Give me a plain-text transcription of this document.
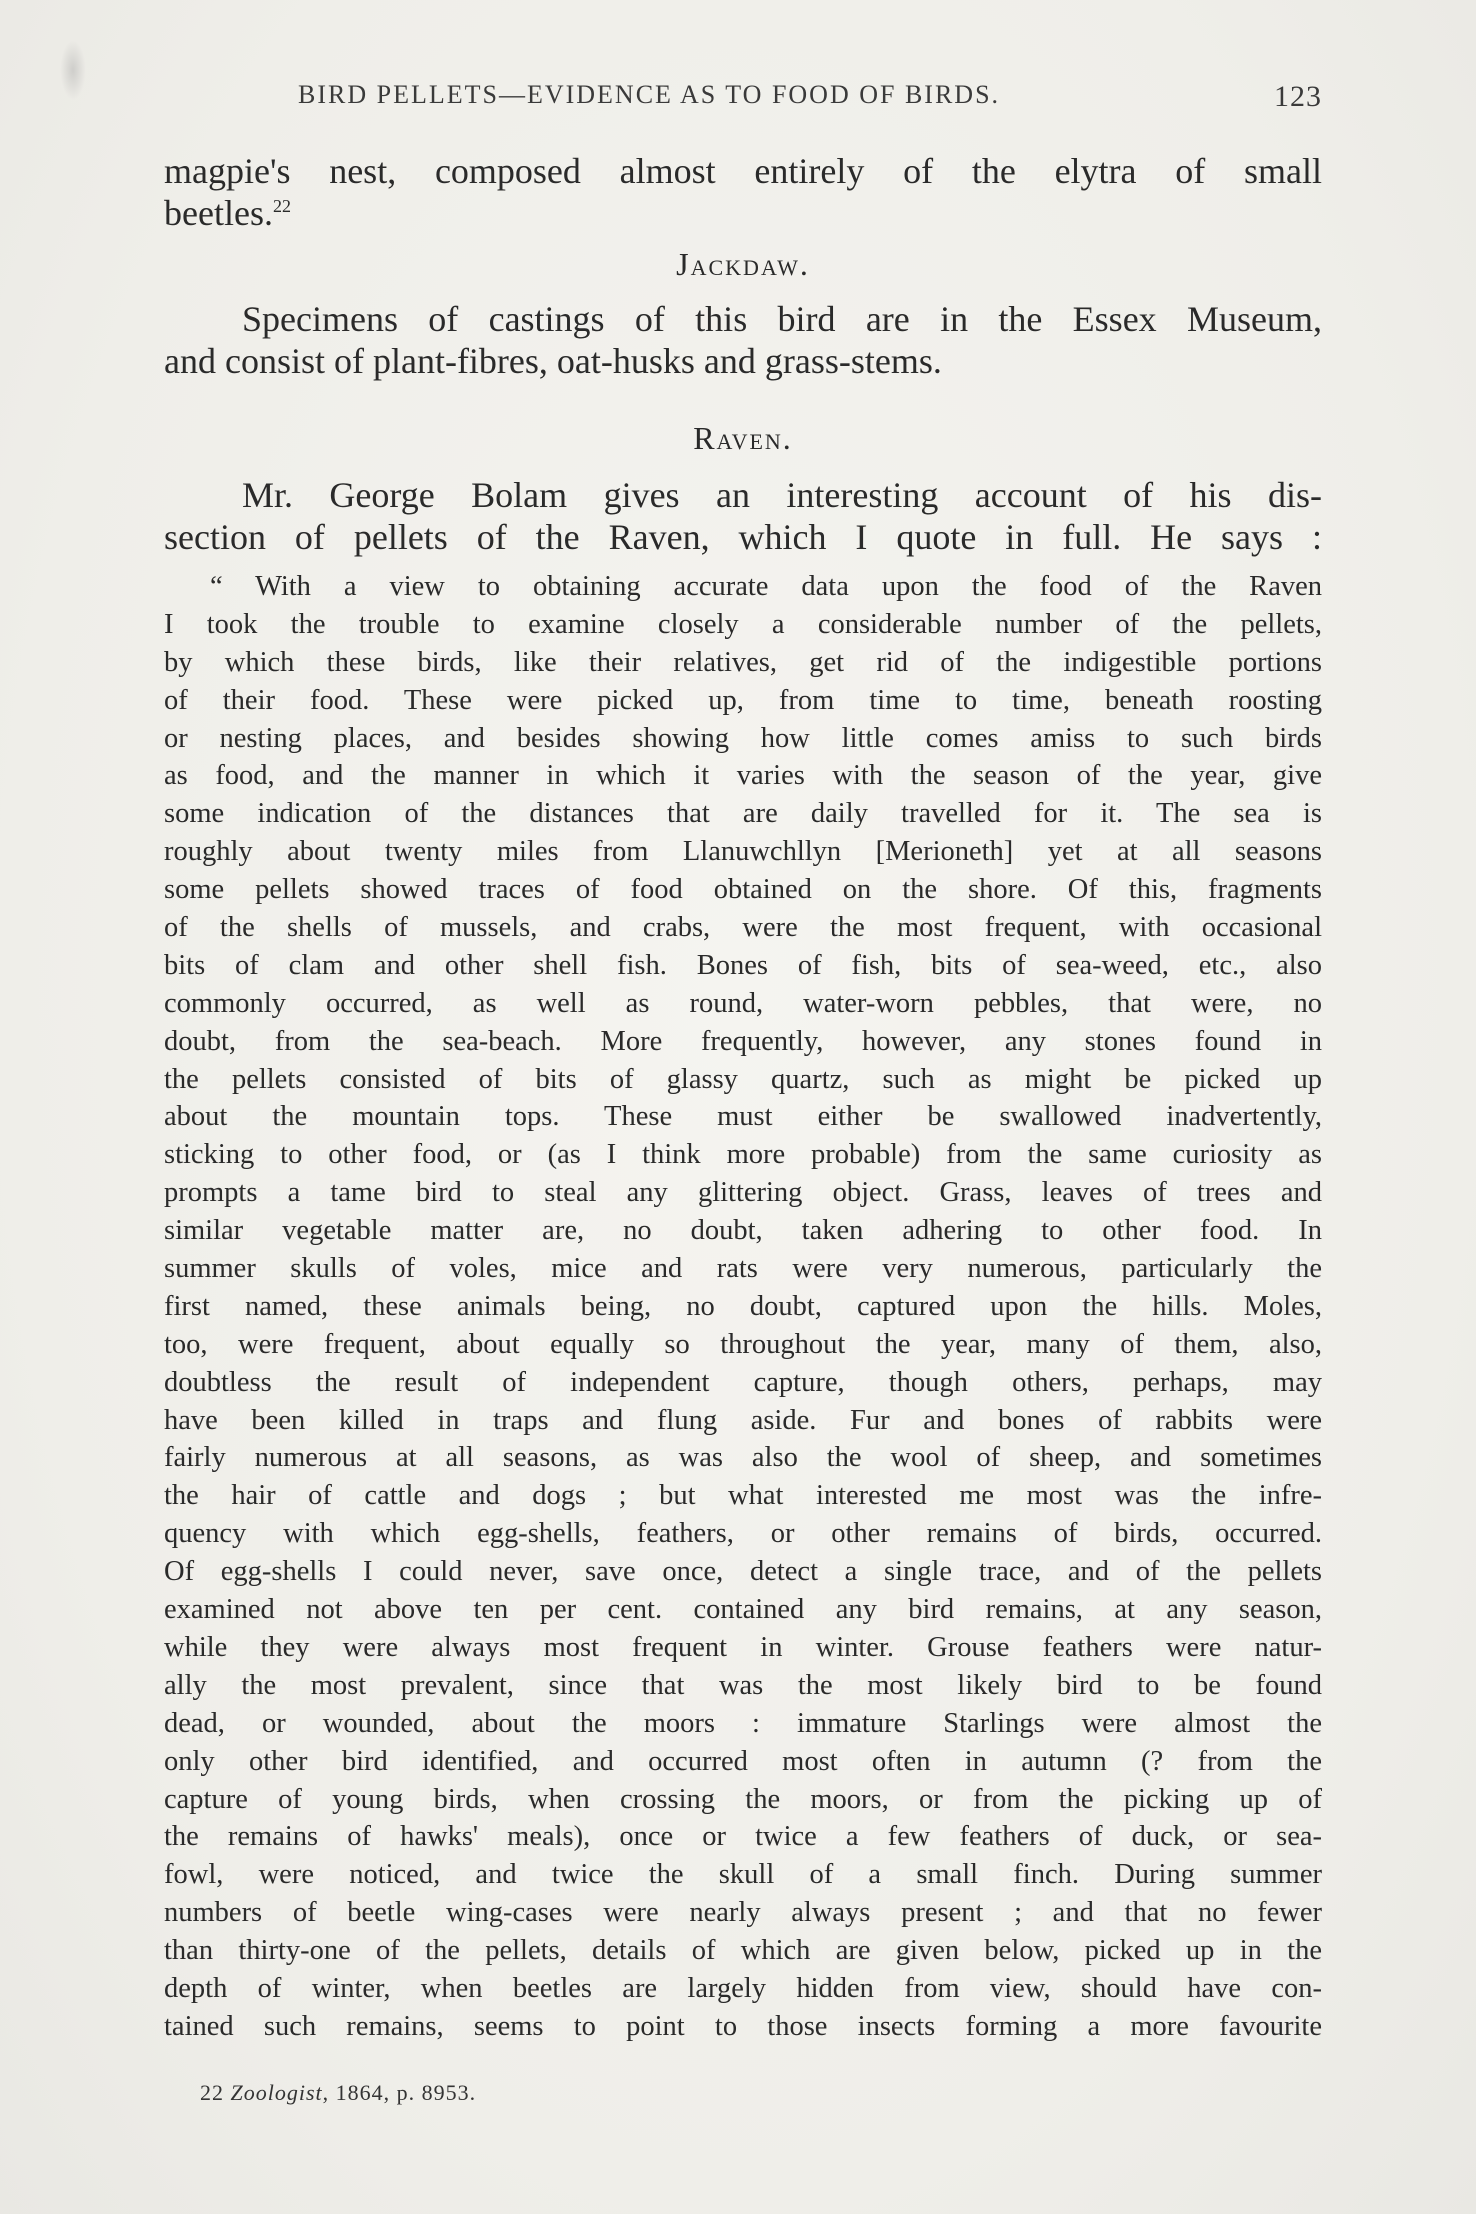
BIRD PELLETS—EVIDENCE AS TO FOOD OF BIRDS.	123
magpie's nest, composed almost entirely of the elytra of small
beetles.$^{22}$
Jackdaw.
Specimens of castings of this bird are in the Essex Museum,
and consist of plant-fibres, oat-husks and grass-stems.
Raven.
Mr. George Bolam gives an interesting account of his dis-
section of pellets of the Raven, which I quote in full. He says :
“ With a view to obtaining accurate data upon the food of the Raven
I took the trouble to examine closely a considerable number of the pellets,
by which these birds, like their relatives, get rid of the indigestible portions
of their food. These were picked up, from time to time, beneath roosting
or nesting places, and besides showing how little comes amiss to such birds
as food, and the manner in which it varies with the season of the year, give
some indication of the distances that are daily travelled for it. The sea is
roughly about twenty miles from Llanuwchllyn [Merioneth] yet at all seasons
some pellets showed traces of food obtained on the shore. Of this, fragments
of the shells of mussels, and crabs, were the most frequent, with occasional
bits of clam and other shell fish. Bones of fish, bits of sea-weed, etc., also
commonly occurred, as well as round, water-worn pebbles, that were, no
doubt, from the sea-beach. More frequently, however, any stones found in
the pellets consisted of bits of glassy quartz, such as might be picked up
about the mountain tops. These must either be swallowed inadvertently,
sticking to other food, or (as I think more probable) from the same curiosity as
prompts a tame bird to steal any glittering object. Grass, leaves of trees and
similar vegetable matter are, no doubt, taken adhering to other food. In
summer skulls of voles, mice and rats were very numerous, particularly the
first named, these animals being, no doubt, captured upon the hills. Moles,
too, were frequent, about equally so throughout the year, many of them, also,
doubtless the result of independent capture, though others, perhaps, may
have been killed in traps and flung aside. Fur and bones of rabbits were
fairly numerous at all seasons, as was also the wool of sheep, and sometimes
the hair of cattle and dogs ; but what interested me most was the infre-
quency with which egg-shells, feathers, or other remains of birds, occurred.
Of egg-shells I could never, save once, detect a single trace, and of the pellets
examined not above ten per cent. contained any bird remains, at any season,
while they were always most frequent in winter. Grouse feathers were natur-
ally the most prevalent, since that was the most likely bird to be found
dead, or wounded, about the moors : immature Starlings were almost the
only other bird identified, and occurred most often in autumn (? from the
capture of young birds, when crossing the moors, or from the picking up of
the remains of hawks' meals), once or twice a few feathers of duck, or sea-
fowl, were noticed, and twice the skull of a small finch. During summer
numbers of beetle wing-cases were nearly always present ; and that no fewer
than thirty-one of the pellets, details of which are given below, picked up in the
depth of winter, when beetles are largely hidden from view, should have con-
tained such remains, seems to point to those insects forming a more favourite
22 Zoologist, 1864, p. 8953.
